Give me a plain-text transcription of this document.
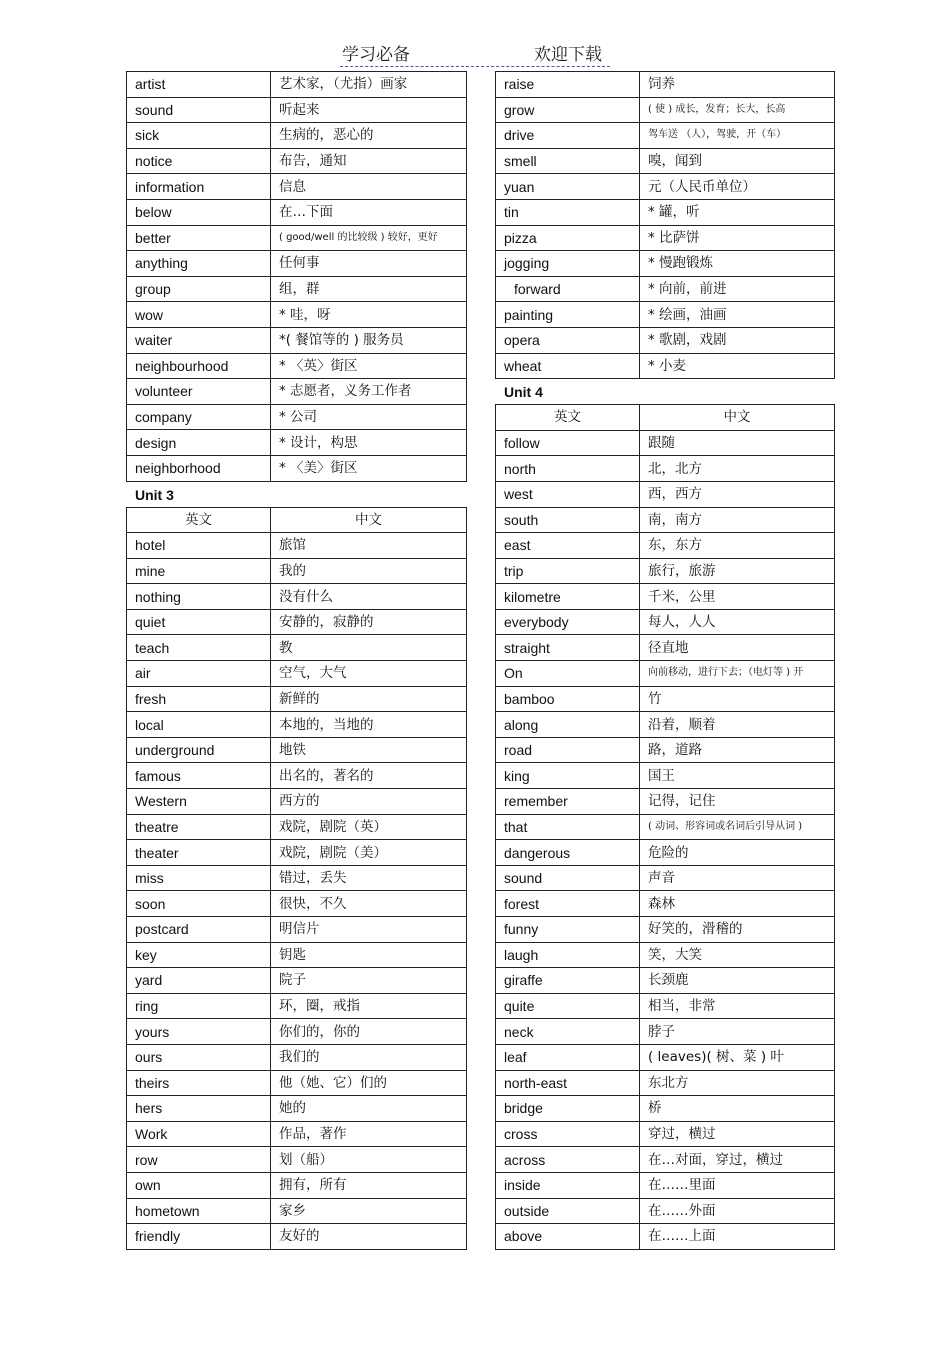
学习必备	欢迎下载
artist	艺术家，（尤指）画家
sound	听起来
sick	生病的，恶心的
notice	布告，通知
information	信息
below	在…下面
better	( good/well 的比较级 ) 较好，更好
anything	任何事
group	组，群
wow	* 哇，呀
waiter	*( 餐馆等的 ) 服务员
neighbourhood	* 〈英〉街区
volunteer	* 志愿者，义务工作者
company	* 公司
design	* 设计，构思
neighborhood	* 〈美〉街区
Unit 3
英文	中文
hotel	旅馆
mine	我的
nothing	没有什么
quiet	安静的，寂静的
teach	教
air	空气，大气
fresh	新鲜的
local	本地的，当地的
underground	地铁
famous	出名的，著名的
Western	西方的
theatre	戏院，剧院（英）
theater	戏院，剧院（美）
miss	错过，丢失
soon	很快，不久
postcard	明信片
key	钥匙
yard	院子
ring	环，圈，戒指
yours	你们的，你的
ours	我们的
theirs	他（她、它）们的
hers	她的
Work	作品，著作
row	划（船）
own	拥有，所有
hometown	家乡
friendly	友好的
raise	饲养
grow	( 使 ) 成长，发育；长大，长高
drive	驾车送 （人），驾驶，开（车）
smell	嗅，闻到
yuan	元（人民币单位）
tin	* 罐，听
pizza	* 比萨饼
jogging	* 慢跑锻炼
forward	* 向前，前进
painting	* 绘画，油画
opera	* 歌剧，戏剧
wheat	* 小麦
Unit 4
英文	中文
follow	跟随
north	北，北方
west	西，西方
south	南，南方
east	东，东方
trip	旅行，旅游
kilometre	千米，公里
everybody	每人，人人
straight	径直地
On	向前移动，进行下去；（电灯等 ) 开
bamboo	竹
along	沿着，顺着
road	路，道路
king	国王
remember	记得，记住
that	( 动词、形容词或名词后引导从词 )
dangerous	危险的
sound	声音
forest	森林
funny	好笑的，滑稽的
laugh	笑，大笑
giraffe	长颈鹿
quite	相当，非常
neck	脖子
leaf	( leaves)( 树、菜 ) 叶
north-east	东北方
bridge	桥
cross	穿过，横过
across	在…对面，穿过，横过
inside	在……里面
outside	在……外面
above	在……上面
